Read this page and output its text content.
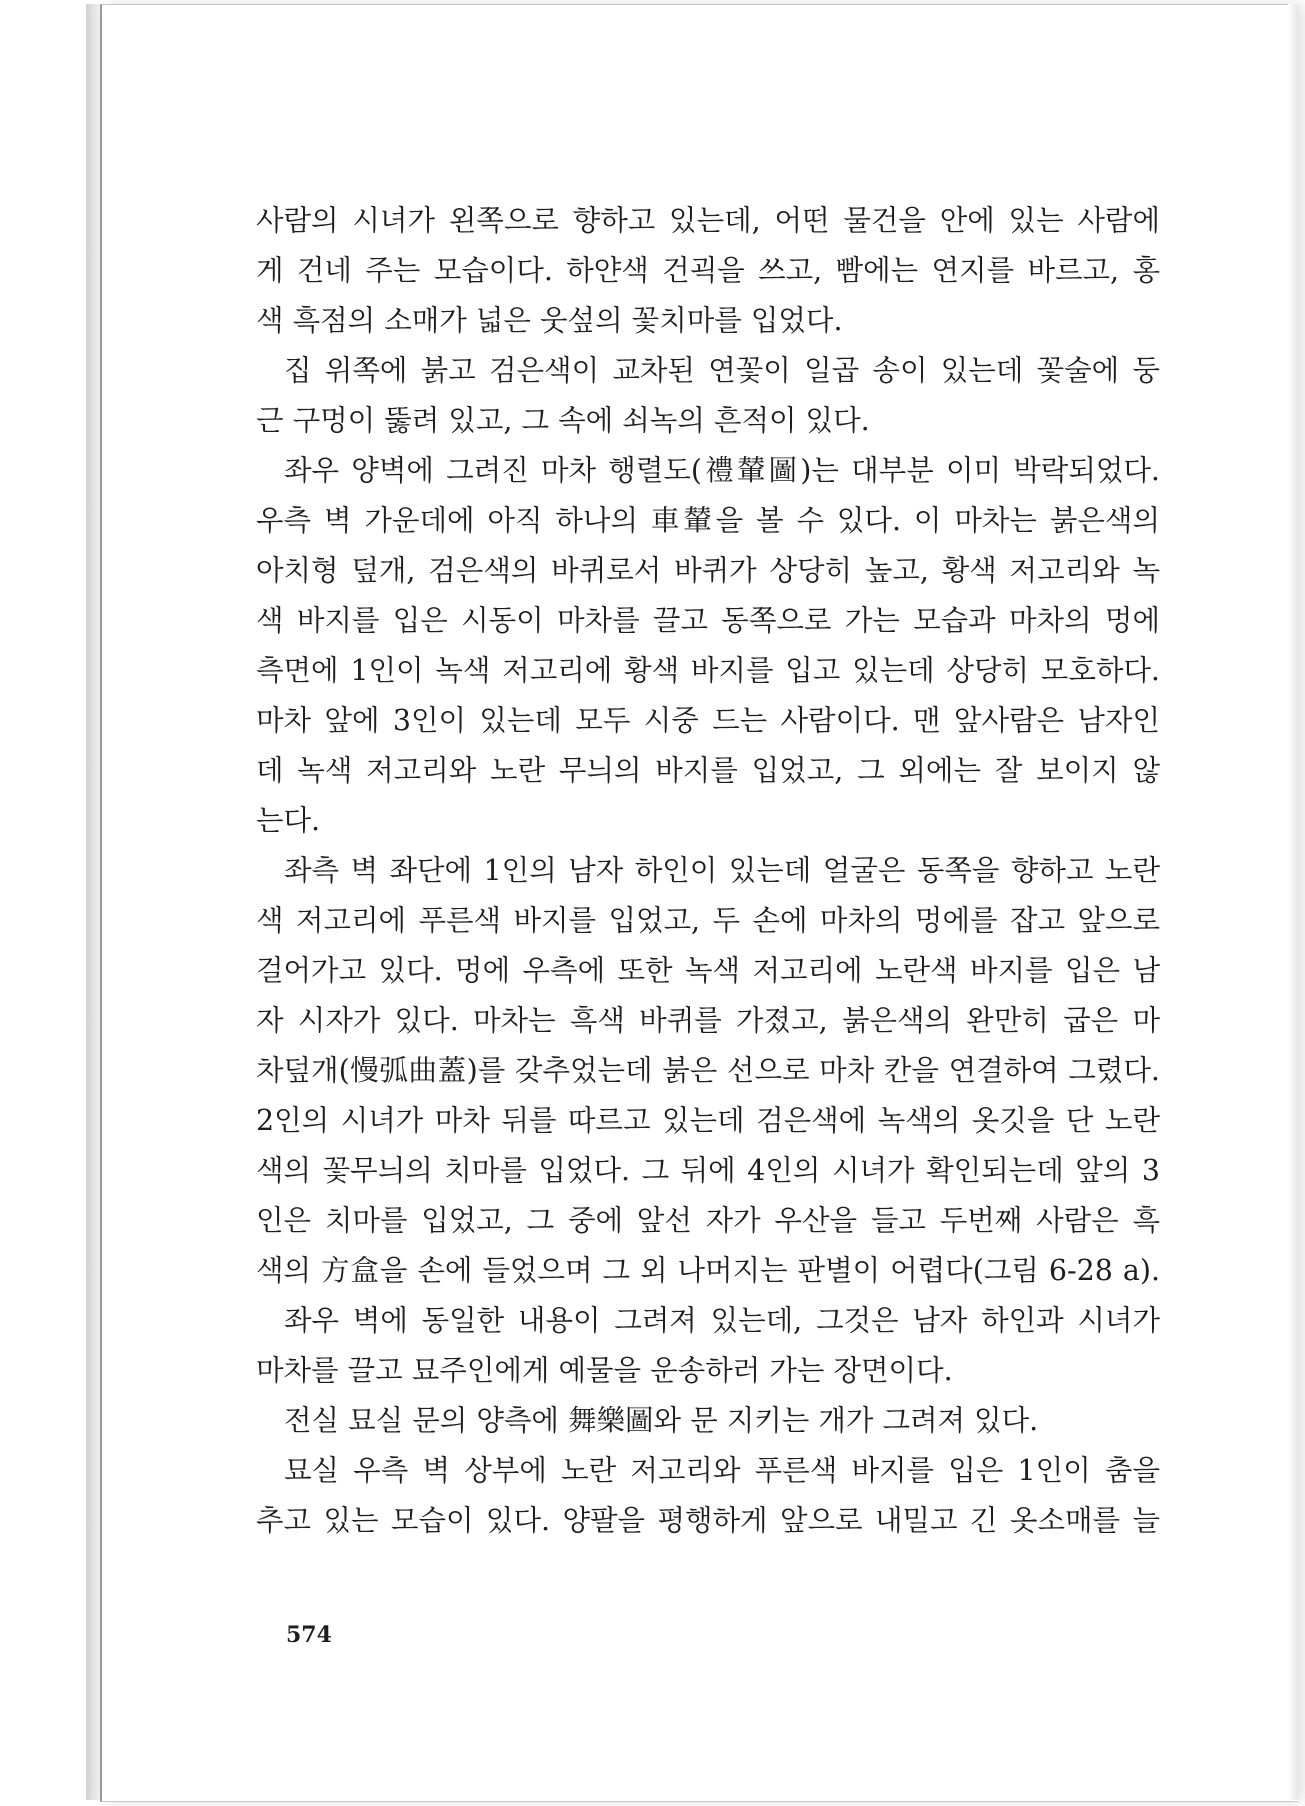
사람의 시녀가 왼쪽으로 향하고 있는데, 어떤 물건을 안에 있는 사람에
게 건네 주는 모습이다. 하얀색 건괵을 쓰고, 빰에는 연지를 바르고, 홍
색 흑점의 소매가 넓은 웃섶의 꽃치마를 입었다.
집 위쪽에 붉고 검은색이 교차된 연꽃이 일곱 송이 있는데 꽃술에 둥
근 구멍이 뚫려 있고, 그 속에 쇠녹의 흔적이 있다.
좌우 양벽에 그려진 마차 행렬도(禮輦圖)는 대부분 이미 박락되었다.
우측 벽 가운데에 아직 하나의 車輦을 볼 수 있다. 이 마차는 붉은색의
아치형 덮개, 검은색의 바퀴로서 바퀴가 상당히 높고, 황색 저고리와 녹
색 바지를 입은 시동이 마차를 끌고 동쪽으로 가는 모습과 마차의 멍에
측면에 1인이 녹색 저고리에 황색 바지를 입고 있는데 상당히 모호하다.
마차 앞에 3인이 있는데 모두 시중 드는 사람이다. 맨 앞사람은 남자인
데 녹색 저고리와 노란 무늬의 바지를 입었고, 그 외에는 잘 보이지 않
는다.
좌측 벽 좌단에 1인의 남자 하인이 있는데 얼굴은 동쪽을 향하고 노란
색 저고리에 푸른색 바지를 입었고, 두 손에 마차의 멍에를 잡고 앞으로
걸어가고 있다. 멍에 우측에 또한 녹색 저고리에 노란색 바지를 입은 남
자 시자가 있다. 마차는 흑색 바퀴를 가졌고, 붉은색의 완만히 굽은 마
차덮개(慢弧曲蓋)를 갖추었는데 붉은 선으로 마차 칸을 연결하여 그렸다.
2인의 시녀가 마차 뒤를 따르고 있는데 검은색에 녹색의 옷깃을 단 노란
색의 꽃무늬의 치마를 입었다. 그 뒤에 4인의 시녀가 확인되는데 앞의 3
인은 치마를 입었고, 그 중에 앞선 자가 우산을 들고 두번째 사람은 흑
색의 方盒을 손에 들었으며 그 외 나머지는 판별이 어렵다(그림 6-28 a).
좌우 벽에 동일한 내용이 그려져 있는데, 그것은 남자 하인과 시녀가
마차를 끌고 묘주인에게 예물을 운송하러 가는 장면이다.
전실 묘실 문의 양측에 舞樂圖와 문 지키는 개가 그려져 있다.
묘실 우측 벽 상부에 노란 저고리와 푸른색 바지를 입은 1인이 춤을
추고 있는 모습이 있다. 양팔을 평행하게 앞으로 내밀고 긴 옷소매를 늘
574
